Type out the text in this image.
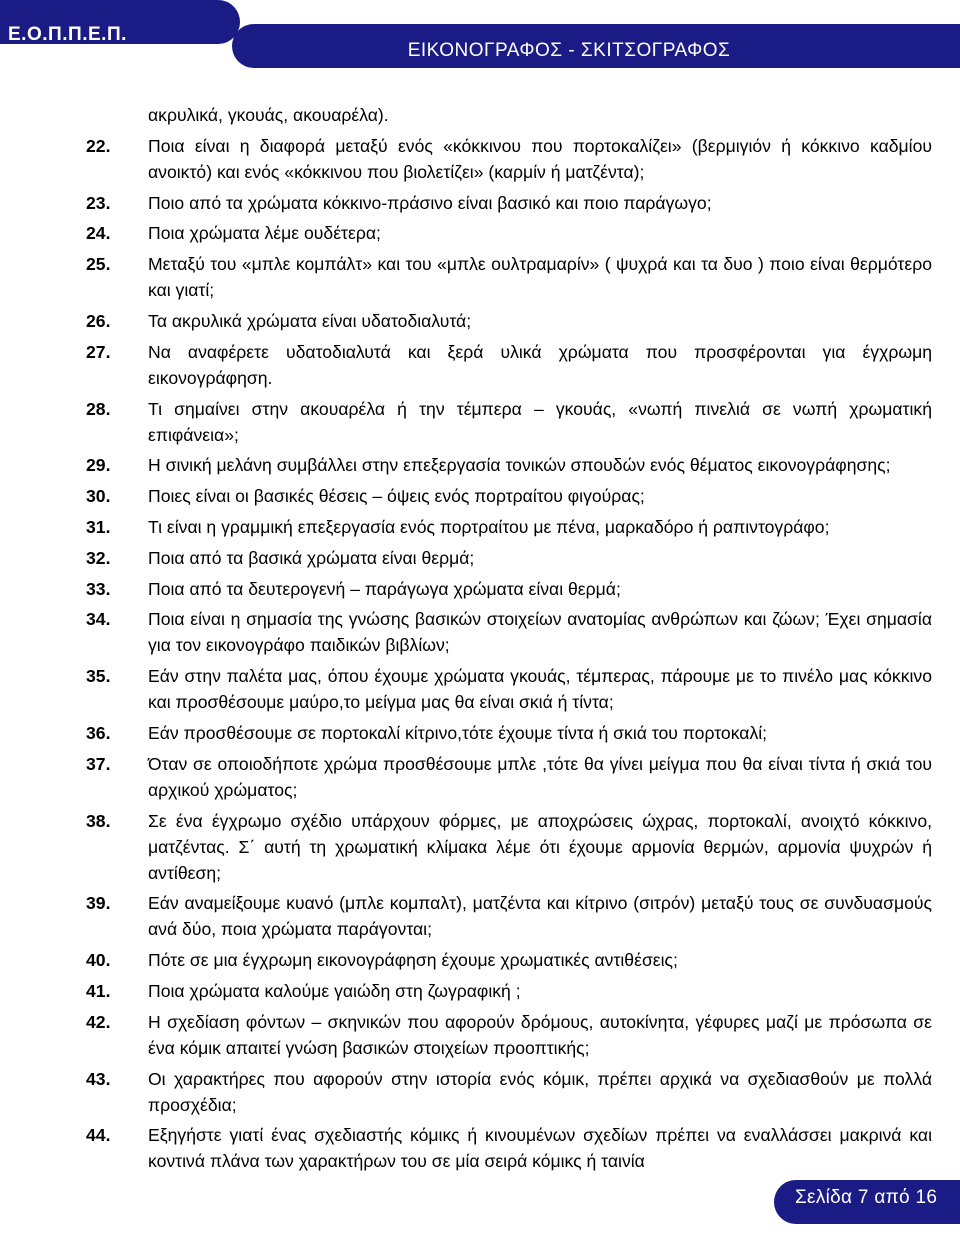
Ε.Ο.Π.Π.Ε.Π.
ΕΙΚΟΝΟΓΡΑΦΟΣ - ΣΚΙΤΣΟΓΡΑΦΟΣ
ακρυλικά, γκουάς, ακουαρέλα).
22. Ποια είναι η διαφορά μεταξύ ενός «κόκκινου που πορτοκαλίζει» (βερμιγιόν ή κόκκινο καδμίου ανοικτό) και ενός «κόκκινου που βιολετίζει» (καρμίν ή ματζέντα);
23. Ποιο από τα χρώματα κόκκινο-πράσινο είναι βασικό και ποιο παράγωγο;
24. Ποια χρώματα λέμε ουδέτερα;
25. Μεταξύ του «μπλε κομπάλτ» και του «μπλε ουλτραμαρίν» ( ψυχρά και τα δυο ) ποιο είναι θερμότερο και γιατί;
26. Τα ακρυλικά χρώματα είναι υδατοδιαλυτά;
27. Να αναφέρετε υδατοδιαλυτά και ξερά υλικά χρώματα που προσφέρονται για έγχρωμη εικονογράφηση.
28. Τι σημαίνει στην ακουαρέλα ή την τέμπερα – γκουάς, «νωπή πινελιά σε νωπή χρωματική επιφάνεια»;
29. Η σινική μελάνη συμβάλλει στην επεξεργασία τονικών σπουδών ενός θέματος εικονογράφησης;
30. Ποιες είναι οι βασικές θέσεις – όψεις ενός πορτραίτου φιγούρας;
31. Τι είναι η γραμμική επεξεργασία ενός πορτραίτου με πένα, μαρκαδόρο ή ραπιντογράφο;
32. Ποια από τα βασικά χρώματα είναι θερμά;
33. Ποια από τα δευτερογενή – παράγωγα χρώματα είναι θερμά;
34. Ποια είναι η σημασία της γνώσης βασικών στοιχείων ανατομίας ανθρώπων και ζώων; Έχει σημασία για τον εικονογράφο παιδικών βιβλίων;
35. Εάν στην παλέτα μας, όπου έχουμε χρώματα γκουάς, τέμπερας, πάρουμε με το πινέλο μας κόκκινο και προσθέσουμε μαύρο,το μείγμα μας θα είναι σκιά ή τίντα;
36. Εάν προσθέσουμε σε πορτοκαλί κίτρινο,τότε έχουμε τίντα ή σκιά του πορτοκαλί;
37. Όταν σε οποιοδήποτε χρώμα προσθέσουμε μπλε ,τότε θα γίνει μείγμα που θα είναι τίντα ή σκιά του αρχικού χρώματος;
38. Σε ένα έγχρωμο σχέδιο υπάρχουν φόρμες, με αποχρώσεις ώχρας, πορτοκαλί, ανοιχτό κόκκινο, ματζέντας. Σ΄ αυτή τη χρωματική κλίμακα λέμε ότι έχουμε αρμονία θερμών, αρμονία ψυχρών ή αντίθεση;
39. Εάν αναμείξουμε κυανό (μπλε κομπαλτ), ματζέντα και κίτρινο (σιτρόν) μεταξύ τους σε συνδυασμούς ανά δύο, ποια χρώματα παράγονται;
40. Πότε σε μια έγχρωμη εικονογράφηση έχουμε χρωματικές αντιθέσεις;
41. Ποια χρώματα καλούμε γαιώδη στη ζωγραφική ;
42. Η σχεδίαση φόντων – σκηνικών που αφορούν δρόμους, αυτοκίνητα, γέφυρες μαζί με πρόσωπα σε ένα κόμικ απαιτεί γνώση βασικών στοιχείων προοπτικής;
43. Οι χαρακτήρες που αφορούν στην ιστορία ενός κόμικ, πρέπει αρχικά να σχεδιασθούν με πολλά προσχέδια;
44. Εξηγήστε γιατί ένας σχεδιαστής κόμικς ή κινουμένων σχεδίων πρέπει να εναλλάσσει μακρινά και κοντινά πλάνα των χαρακτήρων του σε μία σειρά κόμικς ή ταινία
Σελίδα 7 από 16
